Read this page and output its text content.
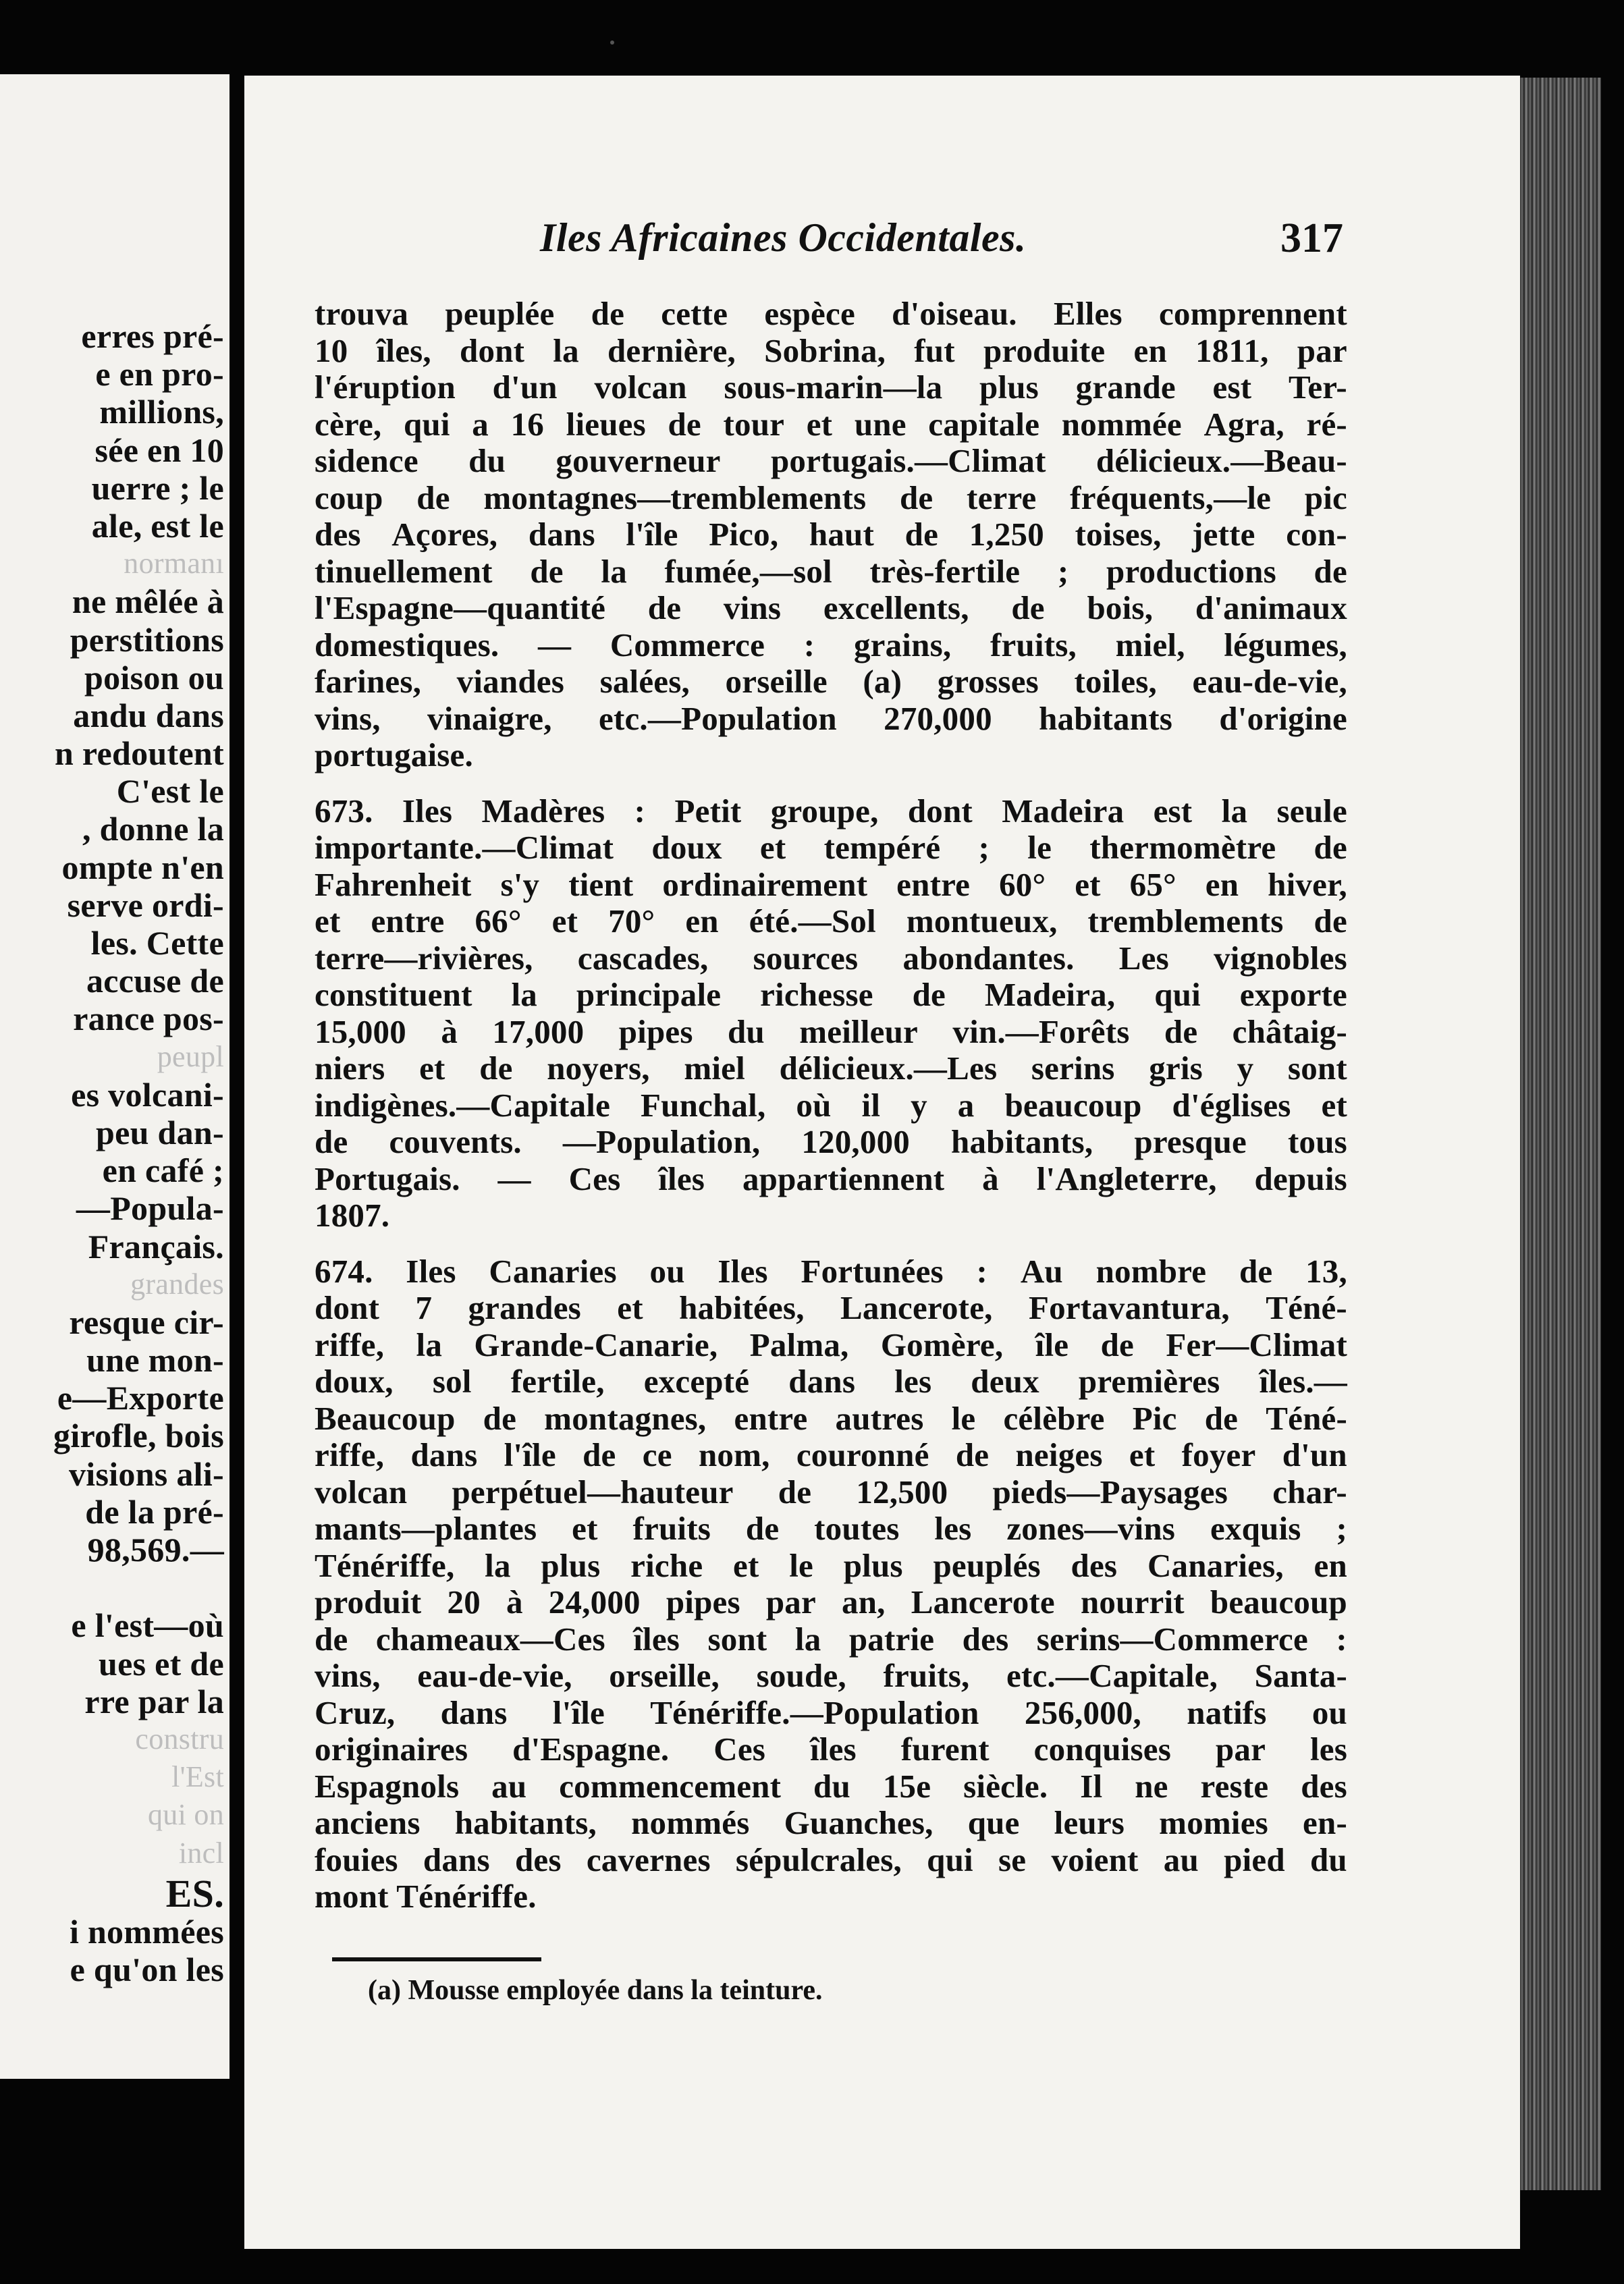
erres pré-
e en pro-
millions,
sée en 10
uerre ; le
ale, est le
normanı
ne mêlée à
perstitions
poison ou
andu dans
n redoutent
C'est le
, donne la
ompte n'en
serve ordi-
les. Cette
accuse de
rance pos-
peupl
es volcani-
peu dan-
en café ;
—Popula-
Français.
grandes
resque cir-
une mon-
e—Exporte
girofle, bois
visions ali-
de la pré-
98,569.—
e l'est—où
ues et de
rre par la
constru
l'Est
qui on
incl
ES.
i nommées
e qu'on les
Iles Africaines Occidentales.	317
trouva peuplée de cette espèce d'oiseau. Elles comprennent
10 îles, dont la dernière, Sobrina, fut produite en 1811, par
l'éruption d'un volcan sous-marin—la plus grande est Ter-
cère, qui a 16 lieues de tour et une capitale nommée Agra, ré-
sidence du gouverneur portugais.—Climat délicieux.—Beau-
coup de montagnes—tremblements de terre fréquents,—le pic
des Açores, dans l'île Pico, haut de 1,250 toises, jette con-
tinuellement de la fumée,—sol très-fertile ; productions de
l'Espagne—quantité de vins excellents, de bois, d'animaux
domestiques. — Commerce : grains, fruits, miel, légumes,
farines, viandes salées, orseille (a) grosses toiles, eau-de-vie,
vins, vinaigre, etc.—Population 270,000 habitants d'origine
portugaise.
673. Iles Madères : Petit groupe, dont Madeira est la seule
importante.—Climat doux et tempéré ; le thermomètre de
Fahrenheit s'y tient ordinairement entre 60° et 65° en hiver,
et entre 66° et 70° en été.—Sol montueux, tremblements de
terre—rivières, cascades, sources abondantes. Les vignobles
constituent la principale richesse de Madeira, qui exporte
15,000 à 17,000 pipes du meilleur vin.—Forêts de châtaig-
niers et de noyers, miel délicieux.—Les serins gris y sont
indigènes.—Capitale Funchal, où il y a beaucoup d'églises et
de couvents. —Population, 120,000 habitants, presque tous
Portugais. — Ces îles appartiennent à l'Angleterre, depuis
1807.
674. Iles Canaries ou Iles Fortunées : Au nombre de 13,
dont 7 grandes et habitées, Lancerote, Fortavantura, Téné-
riffe, la Grande-Canarie, Palma, Gomère, île de Fer—Climat
doux, sol fertile, excepté dans les deux premières îles.—
Beaucoup de montagnes, entre autres le célèbre Pic de Téné-
riffe, dans l'île de ce nom, couronné de neiges et foyer d'un
volcan perpétuel—hauteur de 12,500 pieds—Paysages char-
mants—plantes et fruits de toutes les zones—vins exquis ;
Ténériffe, la plus riche et le plus peuplés des Canaries, en
produit 20 à 24,000 pipes par an, Lancerote nourrit beaucoup
de chameaux—Ces îles sont la patrie des serins—Commerce :
vins, eau-de-vie, orseille, soude, fruits, etc.—Capitale, Santa-
Cruz, dans l'île Ténériffe.—Population 256,000, natifs ou
originaires d'Espagne. Ces îles furent conquises par les
Espagnols au commencement du 15e siècle. Il ne reste des
anciens habitants, nommés Guanches, que leurs momies en-
fouies dans des cavernes sépulcrales, qui se voient au pied du
mont Ténériffe.
(a) Mousse employée dans la teinture.
